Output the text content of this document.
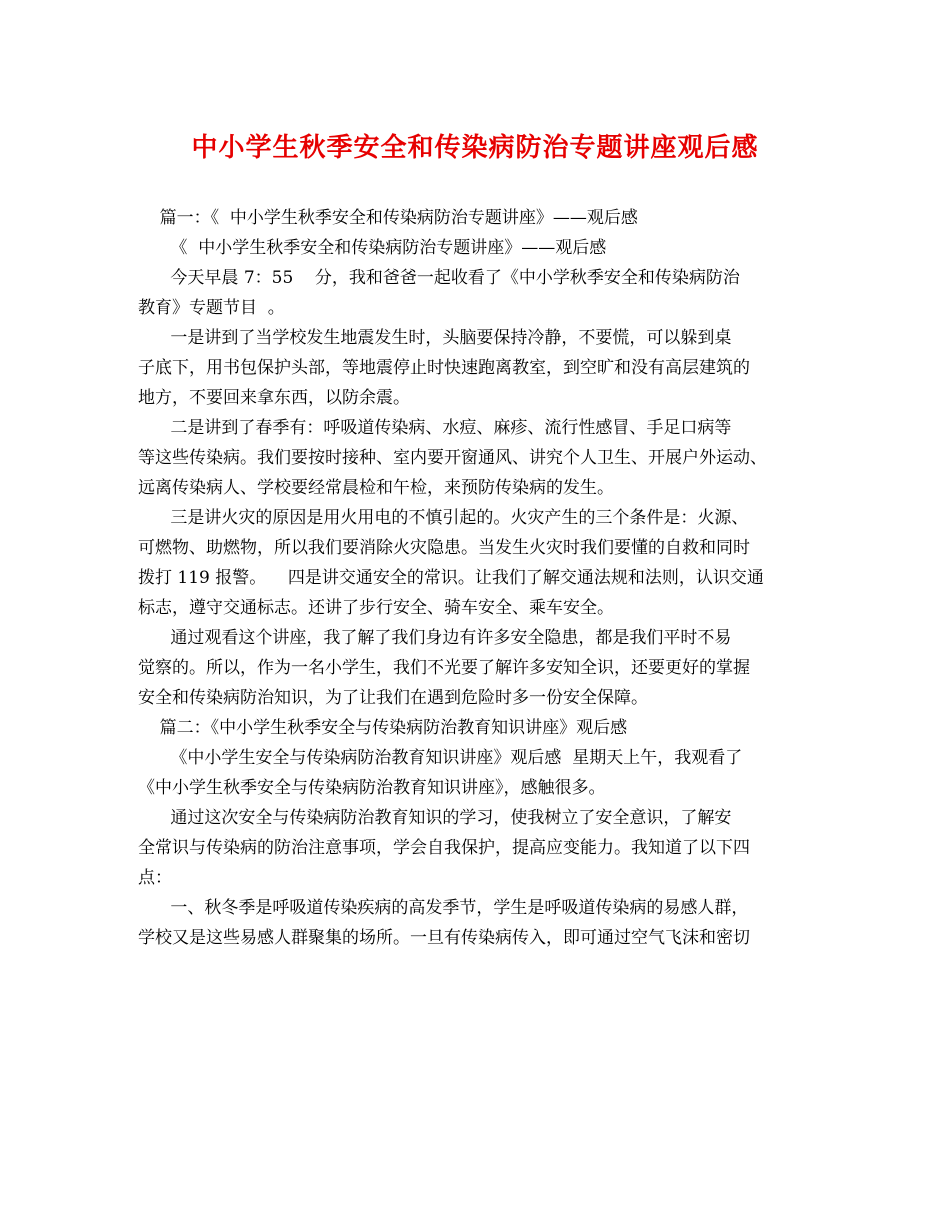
中小学生秋季安全和传染病防治专题讲座观后感
篇一：《  中小学生秋季安全和传染病防治专题讲座》——观后感
《  中小学生秋季安全和传染病防治专题讲座》——观后感
今天早晨 7：55    分，我和爸爸一起收看了《中小学秋季安全和传染病防治
教育》专题节目  。
一是讲到了当学校发生地震发生时，头脑要保持冷静，不要慌，可以躲到桌
子底下，用书包保护头部，等地震停止时快速跑离教室，到空旷和没有高层建筑的
地方，不要回来拿东西，以防余震。
二是讲到了春季有：呼吸道传染病、水痘、麻疹、流行性感冒、手足口病等
等这些传染病。我们要按时接种、室内要开窗通风、讲究个人卫生、开展户外运动、
远离传染病人、学校要经常晨检和午检，来预防传染病的发生。
三是讲火灾的原因是用火用电的不慎引起的。火灾产生的三个条件是：火源、
可燃物、助燃物，所以我们要消除火灾隐患。当发生火灾时我们要懂的自救和同时
拨打 119 报警。    四是讲交通安全的常识。让我们了解交通法规和法则，认识交通
标志，遵守交通标志。还讲了步行安全、骑车安全、乘车安全。
通过观看这个讲座，我了解了我们身边有许多安全隐患，都是我们平时不易
觉察的。所以，作为一名小学生，我们不光要了解许多安知全识，还要更好的掌握
安全和传染病防治知识，为了让我们在遇到危险时多一份安全保障。
篇二：《中小学生秋季安全与传染病防治教育知识讲座》观后感
《中小学生安全与传染病防治教育知识讲座》观后感  星期天上午，我观看了
《中小学生秋季安全与传染病防治教育知识讲座》，感触很多。
通过这次安全与传染病防治教育知识的学习，使我树立了安全意识，了解安
全常识与传染病的防治注意事项，学会自我保护，提高应变能力。我知道了以下四
点：
一、秋冬季是呼吸道传染疾病的高发季节，学生是呼吸道传染病的易感人群，
学校又是这些易感人群聚集的场所。一旦有传染病传入，即可通过空气飞沫和密切
